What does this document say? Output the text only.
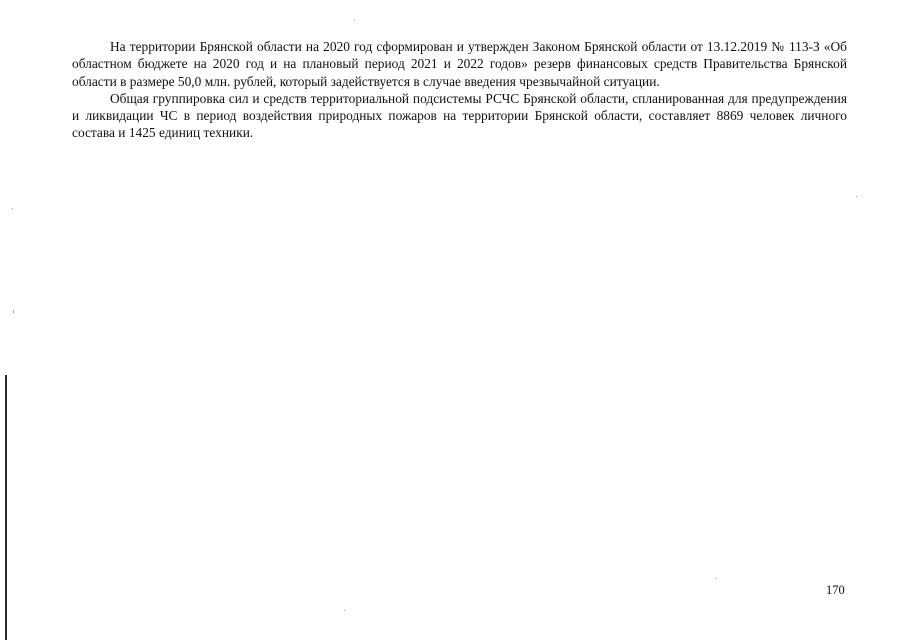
На территории Брянской области на 2020 год сформирован и утвержден Законом Брянской области от 13.12.2019 № 113-З «Об областном бюджете на 2020 год и на плановый период 2021 и 2022 годов» резерв финансовых средств Правительства Брянской области в размере 50,0 млн. рублей, который задействуется в случае введения чрезвычайной ситуации.

Общая группировка сил и средств территориальной подсистемы РСЧС Брянской области, спланированная для предупреждения и ликвидации ЧС в период воздействия природных пожаров на территории Брянской области, составляет 8869 человек личного состава и 1425 единиц техники.

170
